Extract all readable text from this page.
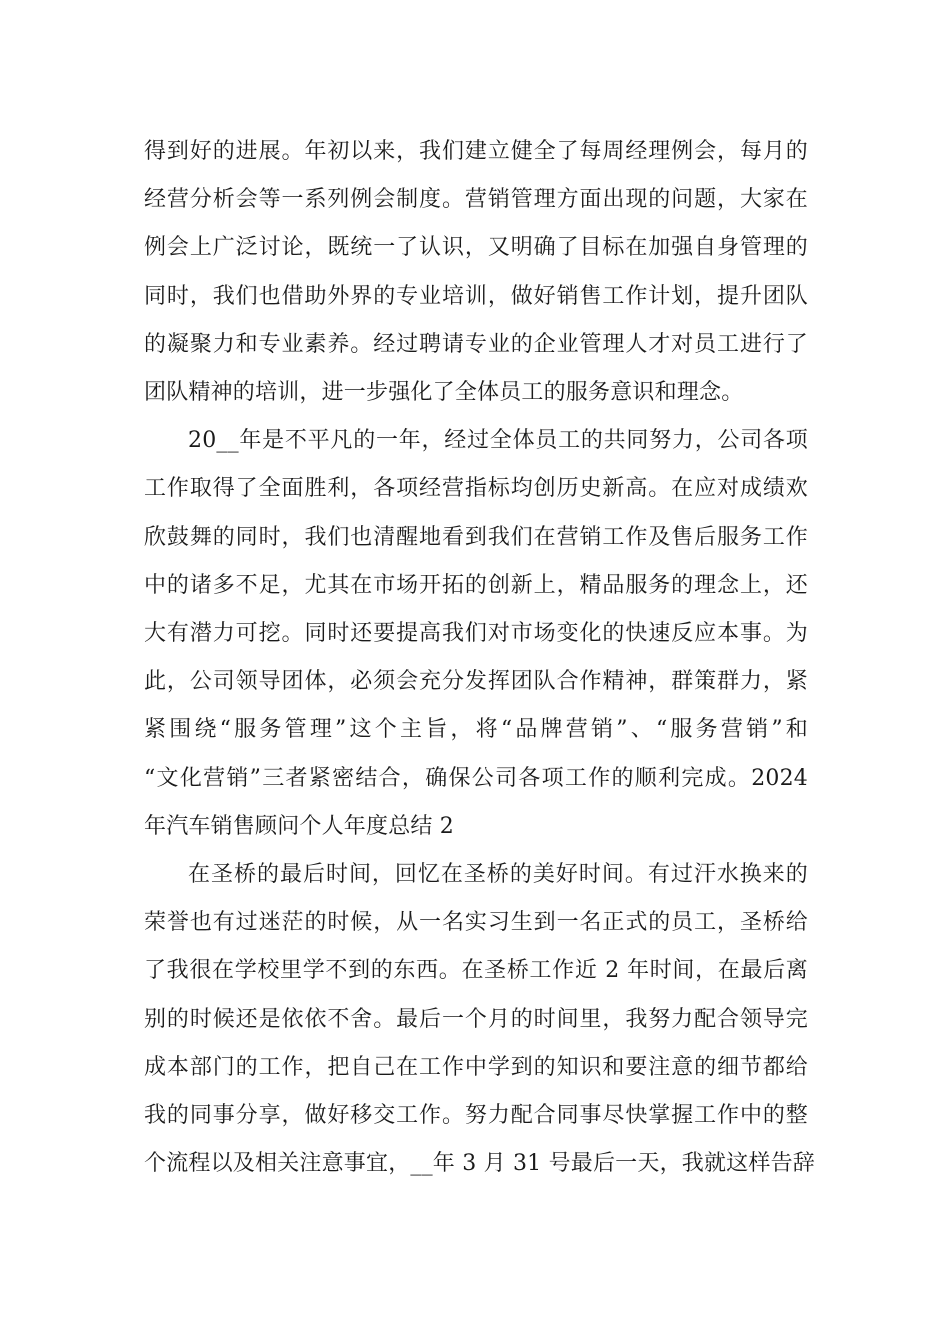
得到好的进展。年初以来，我们建立健全了每周经理例会，每月的
经营分析会等一系列例会制度。营销管理方面出现的问题，大家在
例会上广泛讨论，既统一了认识，又明确了目标在加强自身管理的
同时，我们也借助外界的专业培训，做好销售工作计划，提升团队
的凝聚力和专业素养。经过聘请专业的企业管理人才对员工进行了
团队精神的培训，进一步强化了全体员工的服务意识和理念。

20__年是不平凡的一年，经过全体员工的共同努力，公司各项
工作取得了全面胜利，各项经营指标均创历史新高。在应对成绩欢
欣鼓舞的同时，我们也清醒地看到我们在营销工作及售后服务工作
中的诸多不足，尤其在市场开拓的创新上，精品服务的理念上，还
大有潜力可挖。同时还要提高我们对市场变化的快速反应本事。为
此，公司领导团体，必须会充分发挥团队合作精神，群策群力，紧
紧围绕“服务管理”这个主旨，将“品牌营销”、“服务营销”和
“文化营销”三者紧密结合，确保公司各项工作的顺利完成。2024
年汽车销售顾问个人年度总结 2

在圣桥的最后时间，回忆在圣桥的美好时间。有过汗水换来的
荣誉也有过迷茫的时候，从一名实习生到一名正式的员工，圣桥给
了我很在学校里学不到的东西。在圣桥工作近 2 年时间，在最后离
别的时候还是依依不舍。最后一个月的时间里，我努力配合领导完
成本部门的工作，把自己在工作中学到的知识和要注意的细节都给
我的同事分享，做好移交工作。努力配合同事尽快掌握工作中的整
个流程以及相关注意事宜，__年 3 月 31 号最后一天，我就这样告辞
